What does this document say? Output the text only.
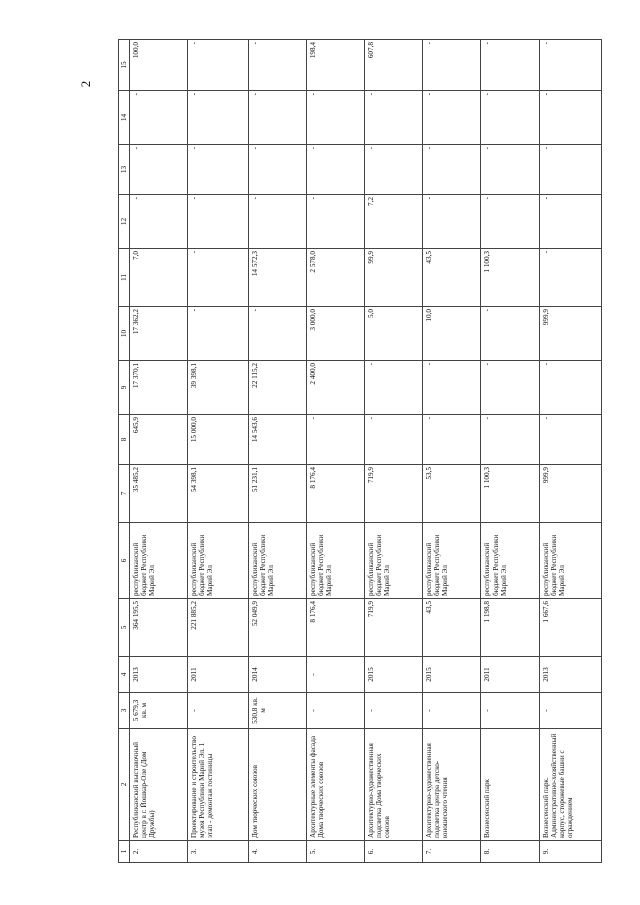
2
1	2	3	4	5	6	7	8	9	10	11	12	13	14	15
2.	Республиканский выставочный центр в г. Йошкар-Оле (Дом Дружбы)	5 679,3 кв. м	2013	364 195,5	республиканский бюджет Республики Марий Эл	35 485,2	645,9	17 370,1	17 362,2	7,0	-	-	-	100,0
3.	Проектирование и строительство музея Республики Марий Эл. 1 этап - демонтаж гостиницы	-	2011	221 885,2	республиканский бюджет Республики Марий Эл	54 398,1	15 000,0	39 398,1	-	-	-	-	-	-
4.	Дом творческих союзов	530,8 кв. м	2014	52 049,9	республиканский бюджет Республики Марий Эл	51 231,1	14 543,6	22 115,2	-	14 572,3	-	-	-	-
5.	Архитектурные элементы фасада Дома творческих союзов	-	-	8 176,4	республиканский бюджет Республики Марий Эл	8 176,4	-	2 400,0	3 000,0	2 578,0	-	-	-	198,4
6.	Архитектурно-художественная подсветка Дома творческих союзов	-	2015	719,9	республиканский бюджет Республики Марий Эл	719,9	-	-	5,0	99,9	7,2	-	-	607,8
7.	Архитектурно-художественная подсветка центра детско-юношеского чтения	-	2015	43,5	республиканский бюджет Республики Марий Эл	53,5	-	-	10,0	43,5	-	-	-	-
8.	Вознесенский парк	-	2011	1 198,8	республиканский бюджет Республики Марий Эл	1 100,3	-	-	-	1 100,3	-	-	-	-
9.	Вознесенский парк. Административно-хозяйственный корпус, сторожевые башни с ограждением	-	2013	1 667,6	республиканский бюджет Республики Марий Эл	999,9	-	-	999,9	-	-	-	-	-
